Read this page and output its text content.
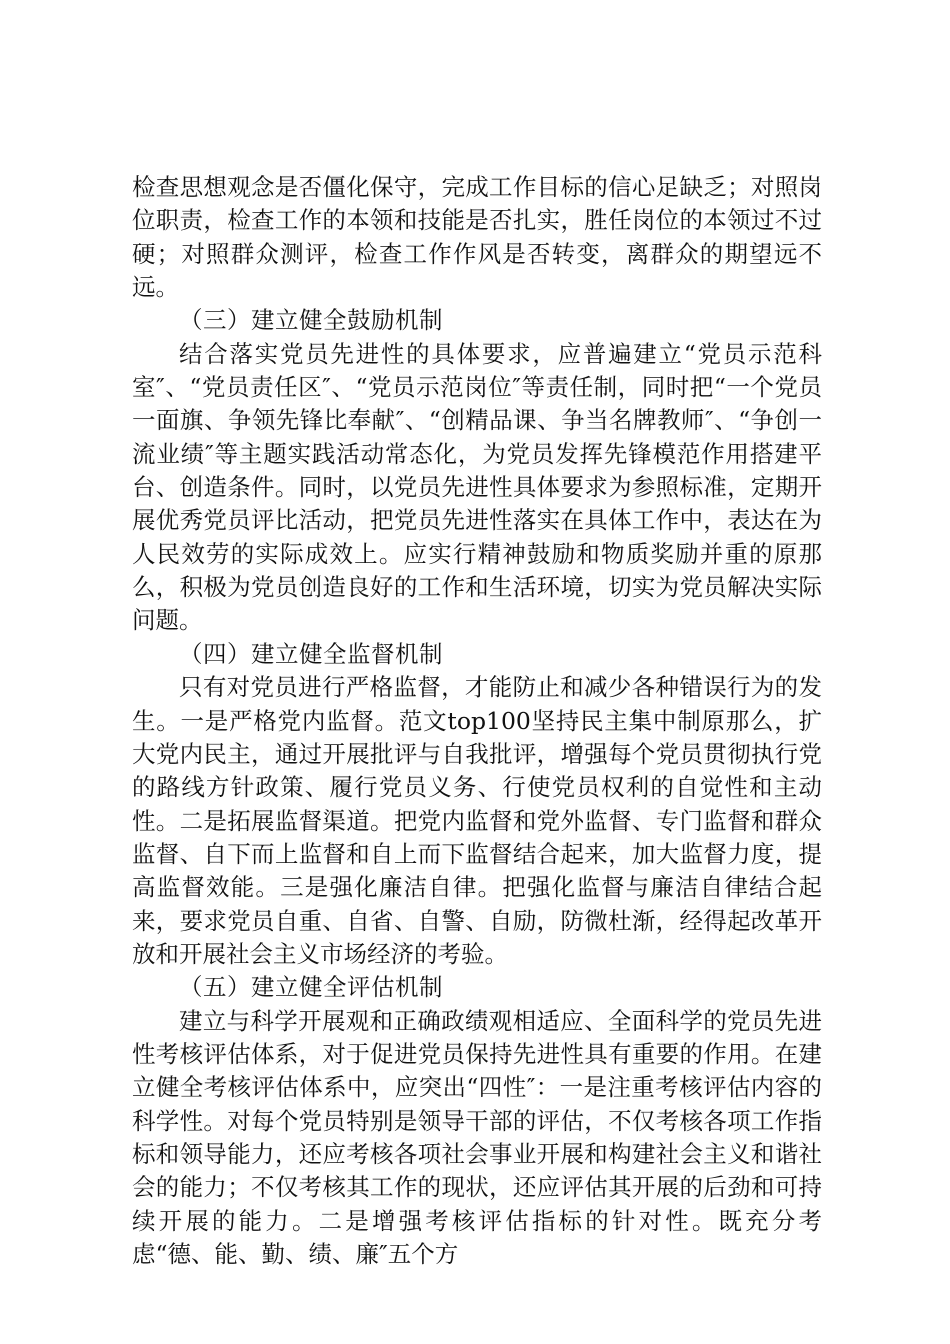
检查思想观念是否僵化保守，完成工作目标的信心足缺乏；对照岗位职责，检查工作的本领和技能是否扎实，胜任岗位的本领过不过硬；对照群众测评，检查工作作风是否转变，离群众的期望远不远。

（三）建立健全鼓励机制

结合落实党员先进性的具体要求，应普遍建立“党员示范科室″、“党员责任区″、“党员示范岗位″等责任制，同时把“一个党员一面旗、争领先锋比奉献″、“创精品课、争当名牌教师″、“争创一流业绩″等主题实践活动常态化，为党员发挥先锋模范作用搭建平台、创造条件。同时，以党员先进性具体要求为参照标准，定期开展优秀党员评比活动，把党员先进性落实在具体工作中，表达在为人民效劳的实际成效上。应实行精神鼓励和物质奖励并重的原那么，积极为党员创造良好的工作和生活环境，切实为党员解决实际问题。

（四）建立健全监督机制

只有对党员进行严格监督，才能防止和减少各种错误行为的发生。一是严格党内监督。范文top100坚持民主集中制原那么，扩大党内民主，通过开展批评与自我批评，增强每个党员贯彻执行党的路线方针政策、履行党员义务、行使党员权利的自觉性和主动性。二是拓展监督渠道。把党内监督和党外监督、专门监督和群众监督、自下而上监督和自上而下监督结合起来，加大监督力度，提高监督效能。三是强化廉洁自律。把强化监督与廉洁自律结合起来，要求党员自重、自省、自警、自励，防微杜渐，经得起改革开放和开展社会主义市场经济的考验。

（五）建立健全评估机制

建立与科学开展观和正确政绩观相适应、全面科学的党员先进性考核评估体系，对于促进党员保持先进性具有重要的作用。在建立健全考核评估体系中，应突出“四性″：一是注重考核评估内容的科学性。对每个党员特别是领导干部的评估，不仅考核各项工作指标和领导能力，还应考核各项社会事业开展和构建社会主义和谐社会的能力；不仅考核其工作的现状，还应评估其开展的后劲和可持续开展的能力。二是增强考核评估指标的针对性。既充分考虑“德、能、勤、绩、廉″五个方
